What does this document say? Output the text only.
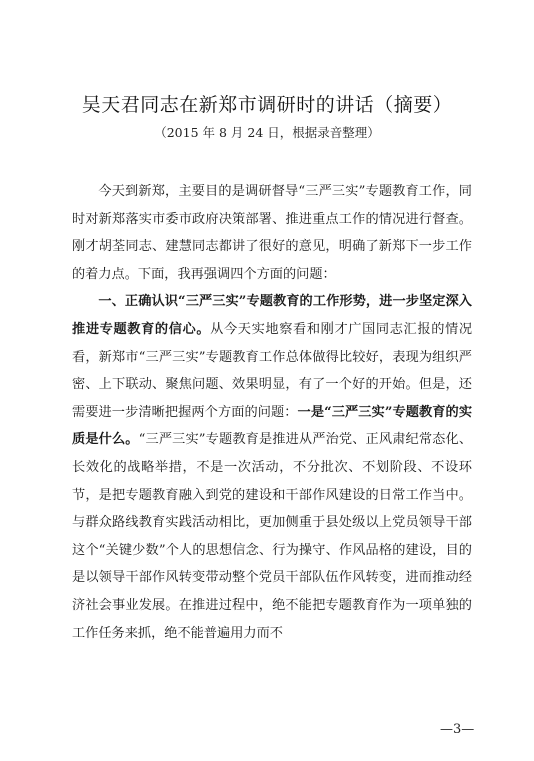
吴天君同志在新郑市调研时的讲话（摘要）

（2015 年 8 月 24 日，根据录音整理）

今天到新郑，主要目的是调研督导“三严三实”专题教育工作，同时对新郑落实市委市政府决策部署、推进重点工作的情况进行督查。刚才胡荃同志、建慧同志都讲了很好的意见，明确了新郑下一步工作的着力点。下面，我再强调四个方面的问题：

一、正确认识“三严三实”专题教育的工作形势，进一步坚定深入推进专题教育的信心。从今天实地察看和刚才广国同志汇报的情况看，新郑市“三严三实”专题教育工作总体做得比较好，表现为组织严密、上下联动、聚焦问题、效果明显，有了一个好的开始。但是，还需要进一步清晰把握两个方面的问题：一是“三严三实”专题教育的实质是什么。“三严三实”专题教育是推进从严治党、正风肃纪常态化、长效化的战略举措，不是一次活动，不分批次、不划阶段、不设环节，是把专题教育融入到党的建设和干部作风建设的日常工作当中。与群众路线教育实践活动相比，更加侧重于县处级以上党员领导干部这个“关键少数”个人的思想信念、行为操守、作风品格的建设，目的是以领导干部作风转变带动整个党员干部队伍作风转变，进而推动经济社会事业发展。在推进过程中，绝不能把专题教育作为一项单独的工作任务来抓，绝不能普遍用力而不

—3—
